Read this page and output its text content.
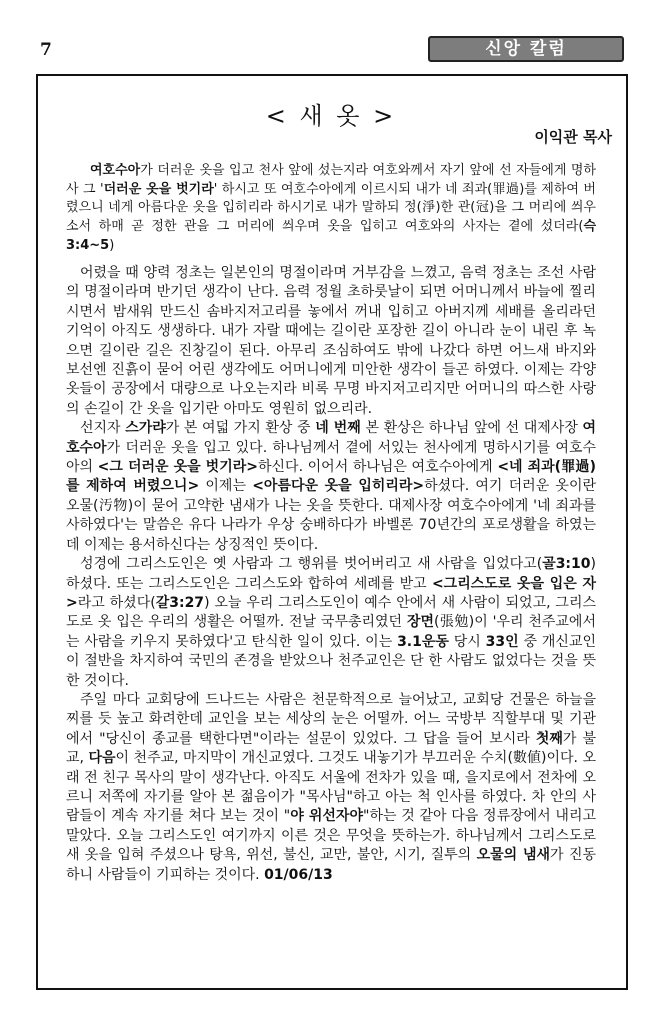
7	신앙 칼럼
< 새 옷 >
이익관 목사
여호수아가 더러운 옷을 입고 천사 앞에 섰는지라 여호와께서 자기 앞에 선 자들에게 명하사 그 '더러운 옷을 벗기라' 하시고 또 여호수아에게 이르시되 내가 네 죄과(罪過)를 제하여 버렸으니 네게 아름다운 옷을 입히리라 하시기로 내가 말하되 정(淨)한 관(冠)을 그 머리에 씌우소서 하매 곧 정한 관을 그 머리에 씌우며 옷을 입히고 여호와의 사자는 곁에 섰더라(슥3:4~5)

어렸을 때 양력 정초는 일본인의 명절이라며 거부감을 느꼈고, 음력 정초는 조선 사람의 명절이라며 반기던 생각이 난다. 음력 정월 초하룻날이 되면 어머니께서 바늘에 찔리시면서 밤새워 만드신 솜바지저고리를 놓에서 꺼내 입히고 아버지께 세배를 올리라던 기억이 아직도 생생하다. 내가 자랄 때에는 길이란 포장한 길이 아니라 눈이 내린 후 녹으면 길이란 길은 진창길이 된다. 아무리 조심하여도 밖에 나갔다 하면 어느새 바지와 보선엔 진흙이 묻어 어린 생각에도 어머니에게 미안한 생각이 들곤 하였다. 이제는 각양 옷들이 공장에서 대량으로 나오는지라 비록 무명 바지저고리지만 어머니의 따스한 사랑의 손길이 간 옷을 입기란 아마도 영원히 없으리라.

선지자 스가랴가 본 여덟 가지 환상 중 네 번째 본 환상은 하나님 앞에 선 대제사장 여호수아가 더러운 옷을 입고 있다. 하나님께서 곁에 서있는 천사에게 명하시기를 여호수아의 <그 더러운 옷을 벗기라>하신다. 이어서 하나님은 여호수아에게 <네 죄과(罪過)를 제하여 버렸으니> 이제는 <아름다운 옷을 입히리라>하셨다. 여기 더러운 옷이란 오물(汚物)이 묻어 고약한 냄새가 나는 옷을 뜻한다. 대제사장 여호수아에게 '네 죄과를 사하였다'는 말씀은 유다 나라가 우상 숭배하다가 바벨론 70년간의 포로생활을 하였는데 이제는 용서하신다는 상징적인 뜻이다.

성경에 그리스도인은 옛 사람과 그 행위를 벗어버리고 새 사람을 입었다고(골3:10)하셨다. 또는 그리스도인은 그리스도와 합하여 세례를 받고 <그리스도로 옷을 입은 자>라고 하셨다(갈3:27) 오늘 우리 그리스도인이 예수 안에서 새 사람이 되었고, 그리스도로 옷 입은 우리의 생활은 어떨까. 전날 국무총리였던 장면(張勉)이 '우리 천주교에서는 사람을 키우지 못하였다'고 탄식한 일이 있다. 이는 3.1운동 당시 33인 중 개신교인이 절반을 차지하여 국민의 존경을 받았으나 천주교인은 단 한 사람도 없었다는 것을 뜻한 것이다.

주일 마다 교회당에 드나드는 사람은 천문학적으로 늘어났고, 교회당 건물은 하늘을 찌를 듯 높고 화려한데 교인을 보는 세상의 눈은 어떨까. 어느 국방부 직할부대 및 기관에서 "당신이 종교를 택한다면"이라는 설문이 있었다. 그 답을 들어 보시라 첫째가 불교, 다음이 천주교, 마지막이 개신교였다. 그것도 내놓기가 부끄러운 수치(數値)이다. 오래 전 친구 목사의 말이 생각난다. 아직도 서울에 전차가 있을 때, 을지로에서 전차에 오르니 저쪽에 자기를 알아 본 젊음이가 "목사님"하고 아는 척 인사를 하였다. 차 안의 사람들이 계속 자기를 쳐다 보는 것이 "야 위선자야"하는 것 같아 다음 정류장에서 내리고 말았다. 오늘 그리스도인 여기까지 이른 것은 무엇을 뜻하는가. 하나님께서 그리스도로 새 옷을 입혀 주셨으나 탕욕, 위선, 불신, 교만, 불안, 시기, 질투의 오물의 냄새가 진동하니 사람들이 기피하는 것이다. 01/06/13
